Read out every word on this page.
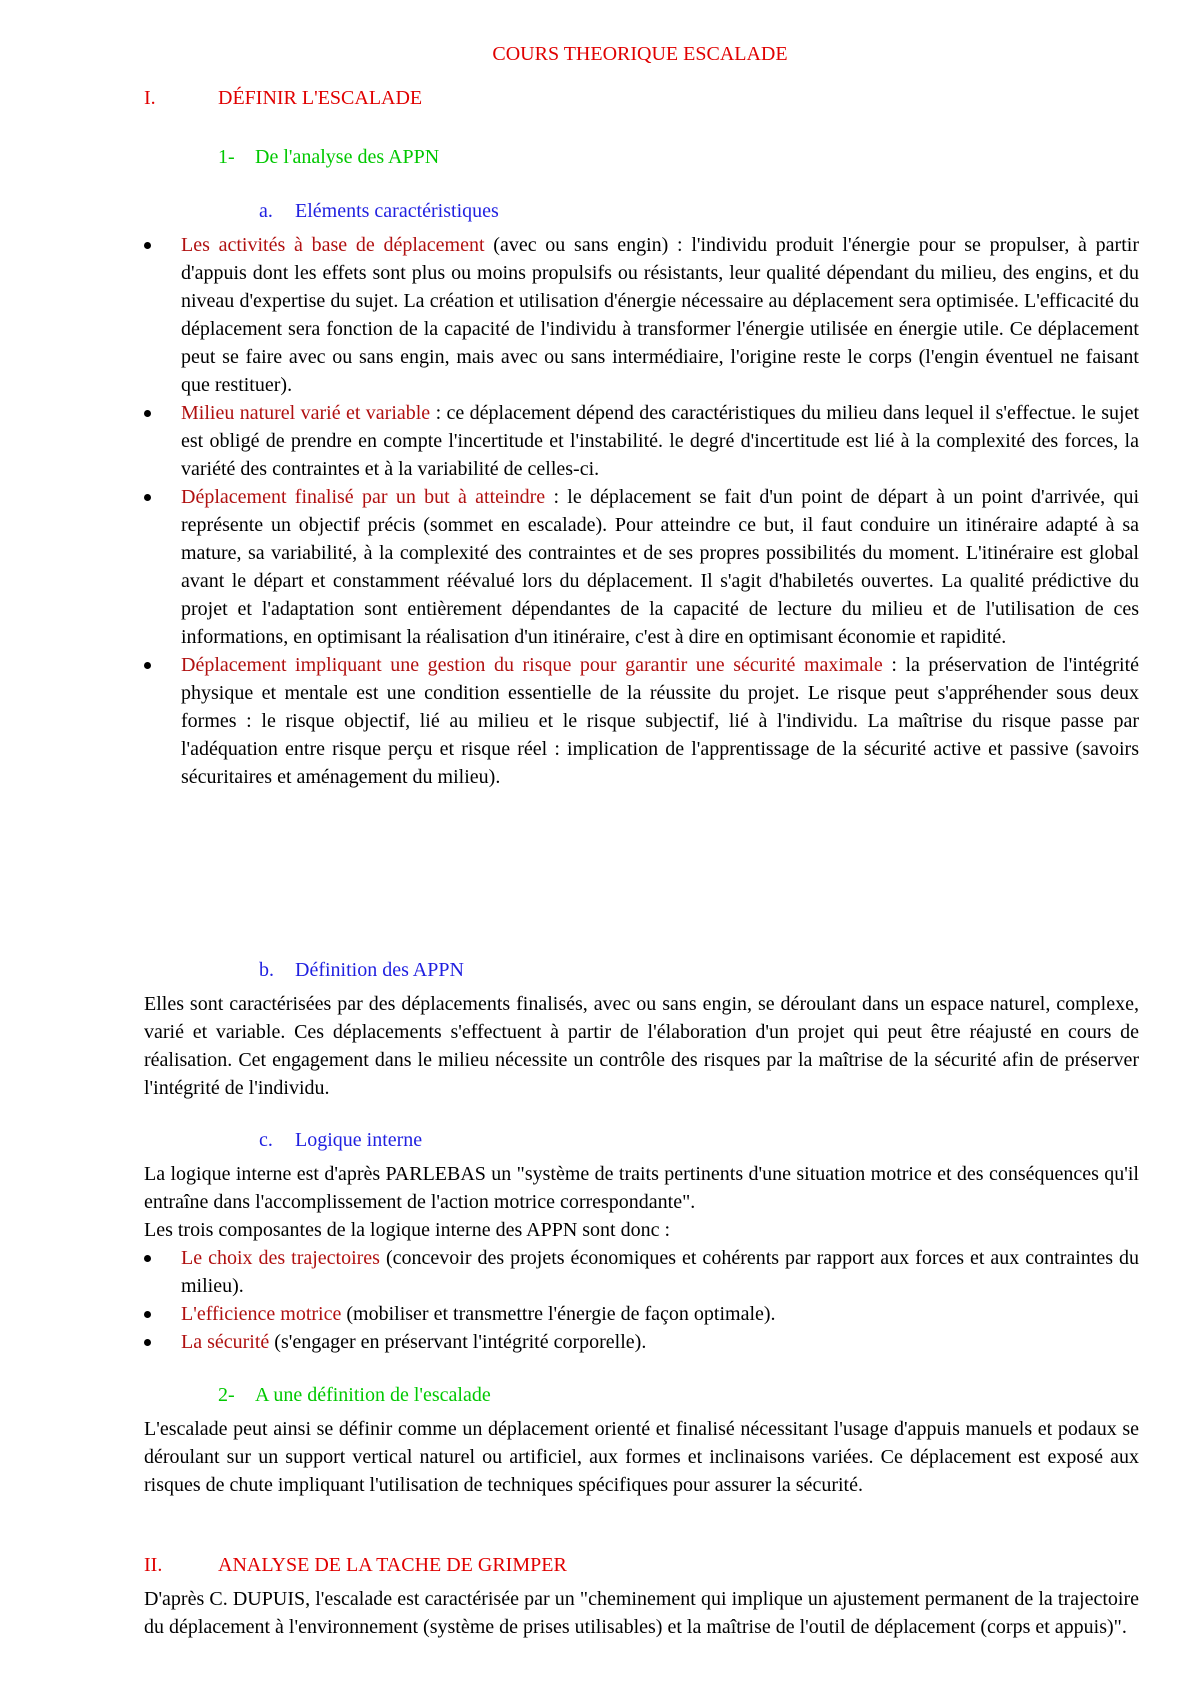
COURS THEORIQUE ESCALADE
I.	DÉFINIR L'ESCALADE
1- De l'analyse des APPN
a. Eléments caractéristiques
Les activités à base de déplacement (avec ou sans engin) : l'individu produit l'énergie pour se propulser, à partir d'appuis dont les effets sont plus ou moins propulsifs ou résistants, leur qualité dépendant du milieu, des engins, et du niveau d'expertise du sujet. La création et utilisation d'énergie nécessaire au déplacement sera optimisée. L'efficacité du déplacement sera fonction de la capacité de l'individu à transformer l'énergie utilisée en énergie utile. Ce déplacement peut se faire avec ou sans engin, mais avec ou sans intermédiaire, l'origine reste le corps (l'engin éventuel ne faisant que restituer).
Milieu naturel varié et variable : ce déplacement dépend des caractéristiques du milieu dans lequel il s'effectue. le sujet est obligé de prendre en compte l'incertitude et l'instabilité. le degré d'incertitude est lié à la complexité des forces, la variété des contraintes et à la variabilité de celles-ci.
Déplacement finalisé par un but à atteindre : le déplacement se fait d'un point de départ à un point d'arrivée, qui représente un objectif précis (sommet en escalade). Pour atteindre ce but, il faut conduire un itinéraire adapté à sa mature, sa variabilité, à la complexité des contraintes et de ses propres possibilités du moment. L'itinéraire est global avant le départ et constamment réévalué lors du déplacement. Il s'agit d'habiletés ouvertes. La qualité prédictive du projet et l'adaptation sont entièrement dépendantes de la capacité de lecture du milieu et de l'utilisation de ces informations, en optimisant la réalisation d'un itinéraire, c'est à dire en optimisant économie et rapidité.
Déplacement impliquant une gestion du risque pour garantir une sécurité maximale : la préservation de l'intégrité physique et mentale est une condition essentielle de la réussite du projet. Le risque peut s'appréhender sous deux formes : le risque objectif, lié au milieu et le risque subjectif, lié à l'individu. La maîtrise du risque passe par l'adéquation entre risque perçu et risque réel : implication de l'apprentissage de la sécurité active et passive (savoirs sécuritaires et aménagement du milieu).
b. Définition des APPN

Elles sont caractérisées par des déplacements finalisés, avec ou sans engin, se déroulant dans un espace naturel, complexe, varié et variable. Ces déplacements s'effectuent à partir de l'élaboration d'un projet qui peut être réajusté en cours de réalisation. Cet engagement dans le milieu nécessite un contrôle des risques par la maîtrise de la sécurité afin de préserver l'intégrité de l'individu.

c. Logique interne

La logique interne est d'après PARLEBAS un "système de traits pertinents d'une situation motrice et des conséquences qu'il entraîne dans l'accomplissement de l'action motrice correspondante".

Les trois composantes de la logique interne des APPN sont donc :

Le choix des trajectoires (concevoir des projets économiques et cohérents par rapport aux forces et aux contraintes du milieu).
L'efficience motrice (mobiliser et transmettre l'énergie de façon optimale).
La sécurité (s'engager en préservant l'intégrité corporelle).
2- A une définition de l'escalade

L'escalade peut ainsi se définir comme un déplacement orienté et finalisé nécessitant l'usage d'appuis manuels et podaux se déroulant sur un support vertical naturel ou artificiel, aux formes et inclinaisons variées. Ce déplacement est exposé aux risques de chute impliquant l'utilisation de techniques spécifiques pour assurer la sécurité.

II.	ANALYSE DE LA TACHE DE GRIMPER

D'après C. DUPUIS, l'escalade est caractérisée par un "cheminement qui implique un ajustement permanent de la trajectoire du déplacement à l'environnement (système de prises utilisables) et la maîtrise de l'outil de déplacement (corps et appuis)".
